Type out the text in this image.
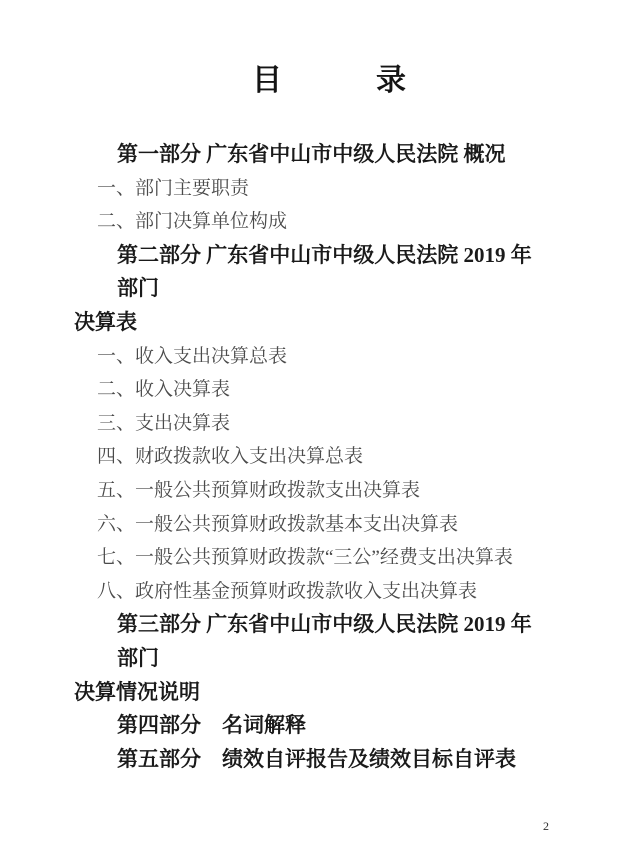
目　　　录

第一部分 广东省中山市中级人民法院 概况

一、部门主要职责

二、部门决算单位构成

第二部分 广东省中山市中级人民法院 2019 年部门

决算表

一、收入支出决算总表

二、收入决算表

三、支出决算表

四、财政拨款收入支出决算总表

五、一般公共预算财政拨款支出决算表

六、一般公共预算财政拨款基本支出决算表

七、一般公共预算财政拨款“三公”经费支出决算表

八、政府性基金预算财政拨款收入支出决算表

第三部分 广东省中山市中级人民法院 2019 年部门

决算情况说明

第四部分　名词解释

第五部分　绩效自评报告及绩效目标自评表

2
